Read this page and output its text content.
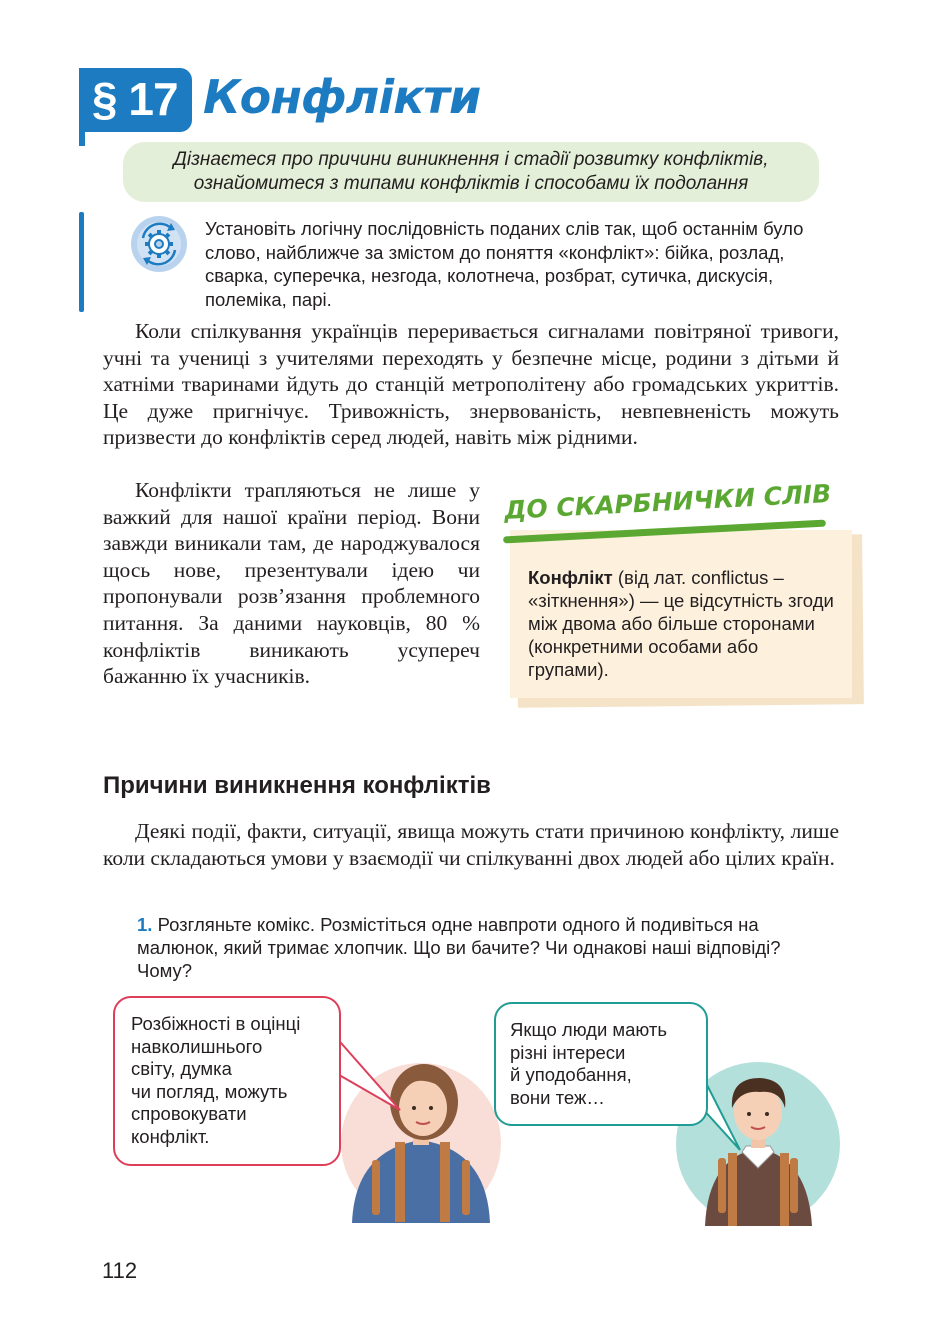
§ 17 Конфлікти
Дізнаєтеся про причини виникнення і стадії розвитку конфліктів,
ознайомитеся з типами конфліктів і способами їх подолання
Установіть логічну послідовність поданих слів так, щоб останнім було слово, найближче за змістом до поняття «конфлікт»: бійка, розлад, сварка, суперечка, незгода, колотнеча, розбрат, сутичка, дискусія, полеміка, парі.
Коли спілкування українців переривається сигналами повітряної тривоги, учні та учениці з учителями переходять у безпечне місце, родини з дітьми й хатніми тваринами йдуть до станцій метрополітену або громадських укриттів. Це дуже пригнічує. Тривожність, знервованість, невпевненість можуть призвести до конфліктів серед людей, навіть між рідними.
Конфлікти трапляються не лише у важкий для нашої країни період. Вони завжди виникали там, де народжувалося щось нове, презентували ідею чи пропонували розв’язання проблемного питання. За даними науковців, 80 % конфліктів виникають усупереч бажанню їх учасників.
ДО СКАРБНИЧКИ СЛІВ
Конфлікт (від лат. conflictus – «зіткнення») — це відсутність згоди між двома або більше сторонами (конкретними особами або групами).
Причини виникнення конфліктів
Деякі події, факти, ситуації, явища можуть стати причиною конфлікту, лише коли складаються умови у взаємодії чи спілкуванні двох людей або цілих країн.
1. Розгляньте комікс. Розмістіться одне навпроти одного й подивіться на малюнок, який тримає хлопчик. Що ви бачите? Чи однакові наші відповіді? Чому?
Розбіжності в оцінці
навколишнього
світу, думка
чи погляд, можуть
спровокувати
конфлікт.
Якщо люди мають
різні інтереси
й уподобання,
вони теж…
112
